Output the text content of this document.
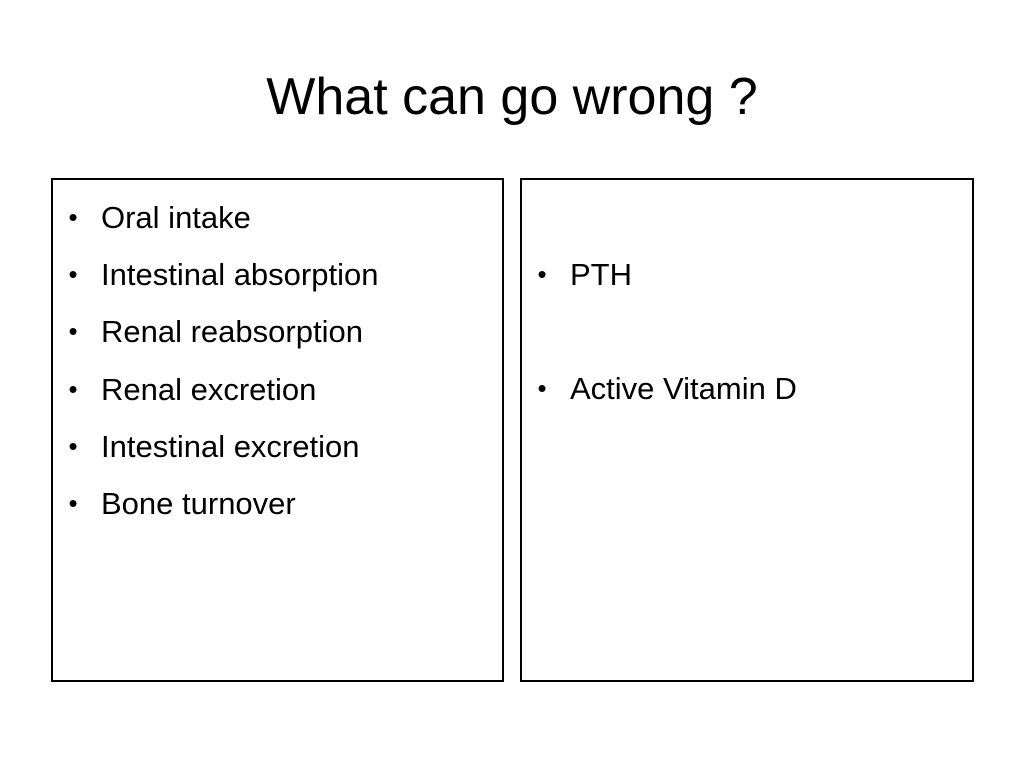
What can go wrong ?
• Oral intake
• Intestinal absorption
• Renal reabsorption
• Renal excretion
• Intestinal excretion
• Bone turnover
• PTH
• Active Vitamin D
